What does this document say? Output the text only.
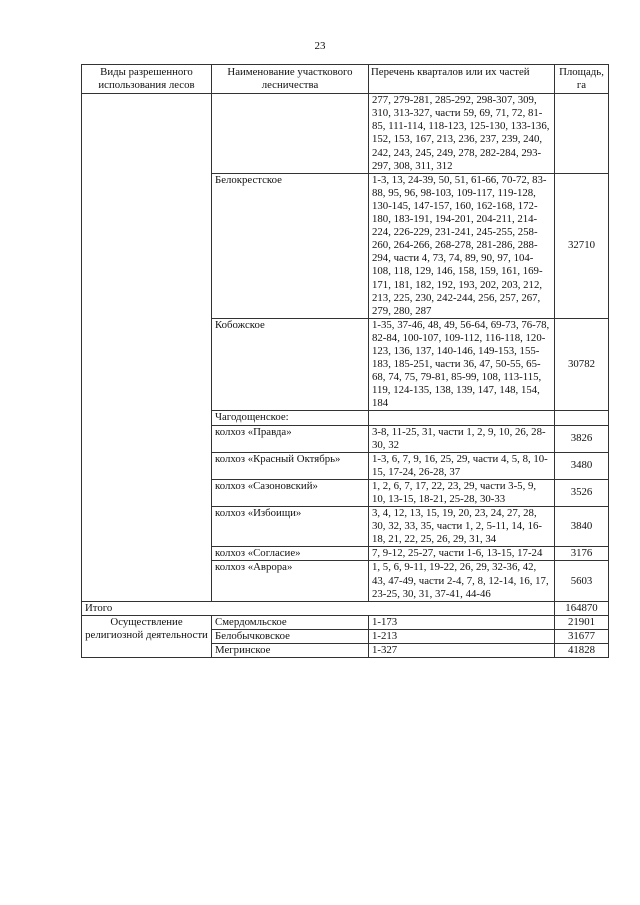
23
Виды разрешенного использования лесов	Наименование участкового лесничества	Перечень кварталов или их частей	Площадь, га
		277, 279-281, 285-292, 298-307, 309, 310, 313-327, части 59, 69, 71, 72, 81-85, 111-114, 118-123, 125-130, 133-136, 152, 153, 167, 213, 236, 237, 239, 240, 242, 243, 245, 249, 278, 282-284, 293-297, 308, 311, 312	
	Белокрестское	1-3, 13, 24-39, 50, 51, 61-66, 70-72, 83-88, 95, 96, 98-103, 109-117, 119-128, 130-145, 147-157, 160, 162-168, 172-180, 183-191, 194-201, 204-211, 214-224, 226-229, 231-241, 245-255, 258-260, 264-266, 268-278, 281-286, 288-294, части 4, 73, 74, 89, 90, 97, 104-108, 118, 129, 146, 158, 159, 161, 169-171, 181, 182, 192, 193, 202, 203, 212, 213, 225, 230, 242-244, 256, 257, 267, 279, 280, 287	32710
	Кобожское	1-35, 37-46, 48, 49, 56-64, 69-73, 76-78, 82-84, 100-107, 109-112, 116-118, 120-123, 136, 137, 140-146, 149-153, 155-183, 185-251, части 36, 47, 50-55, 65-68, 74, 75, 79-81, 85-99, 108, 113-115, 119, 124-135, 138, 139, 147, 148, 154, 184	30782
	Чагодощенское:		
	колхоз «Правда»	3-8, 11-25, 31, части 1, 2, 9, 10, 26, 28-30, 32	3826
	колхоз «Красный Октябрь»	1-3, 6, 7, 9, 16, 25, 29, части 4, 5, 8, 10-15, 17-24, 26-28, 37	3480
	колхоз «Сазоновский»	1, 2, 6, 7, 17, 22, 23, 29, части 3-5, 9, 10, 13-15, 18-21, 25-28, 30-33	3526
	колхоз «Избоищи»	3, 4, 12, 13, 15, 19, 20, 23, 24, 27, 28, 30, 32, 33, 35, части 1, 2, 5-11, 14, 16-18, 21, 22, 25, 26, 29, 31, 34	3840
	колхоз «Согласие»	7, 9-12, 25-27, части 1-6, 13-15, 17-24	3176
	колхоз «Аврора»	1, 5, 6, 9-11, 19-22, 26, 29, 32-36, 42, 43, 47-49, части 2-4, 7, 8, 12-14, 16, 17, 23-25, 30, 31, 37-41, 44-46	5603
Итого			164870
Осуществление религиозной деятельности	Смердомльское	1-173	21901
	Белобычковское	1-213	31677
	Мегринское	1-327	41828
